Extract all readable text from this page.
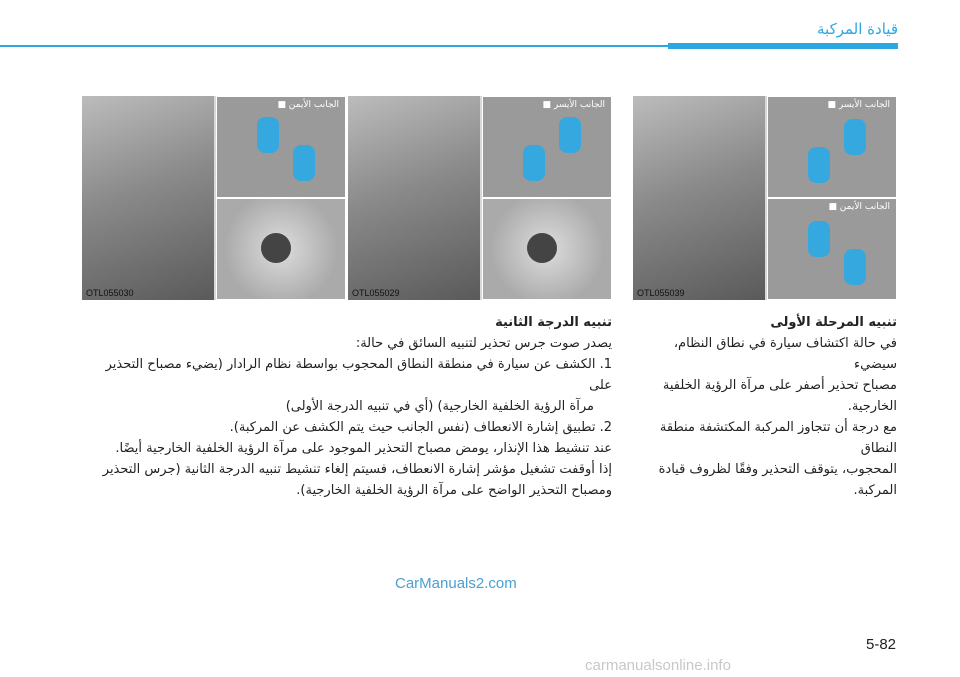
قيادة المركبة
الجانب الأيمن ■
OTL055030
الجانب الأيسر ■
OTL055029
الجانب الأيسر ■
الجانب الأيمن ■
OTL055039
تنبيه الدرجة الثانية
يصدر صوت جرس تحذير لتنبيه السائق في حالة:
1. الكشف عن سيارة في منطقة النطاق المحجوب بواسطة نظام الرادار (يضيء مصباح التحذير على
مرآة الرؤية الخلفية الخارجية) (أي في تنبيه الدرجة الأولى)
2. تطبيق إشارة الانعطاف (نفس الجانب حيث يتم الكشف عن المركبة).
عند تنشيط هذا الإنذار، يومض مصباح التحذير الموجود على مرآة الرؤية الخلفية الخارجية أيضًا.
إذا أوقفت تشغيل مؤشر إشارة الانعطاف، فسيتم إلغاء تنشيط تنبيه الدرجة الثانية (جرس التحذير
ومصباح التحذير الواضح على مرآة الرؤية الخلفية الخارجية).
تنبيه المرحلة الأولى
في حالة اكتشاف سيارة في نطاق النظام، سيضيء
مصباح تحذير أصفر على مرآة الرؤية الخلفية
الخارجية.
مع درجة أن تتجاوز المركبة المكتشفة منطقة النطاق
المحجوب، يتوقف التحذير وفقًا لظروف قيادة
المركبة.
CarManuals2.com
5-82
carmanualsonline.info
